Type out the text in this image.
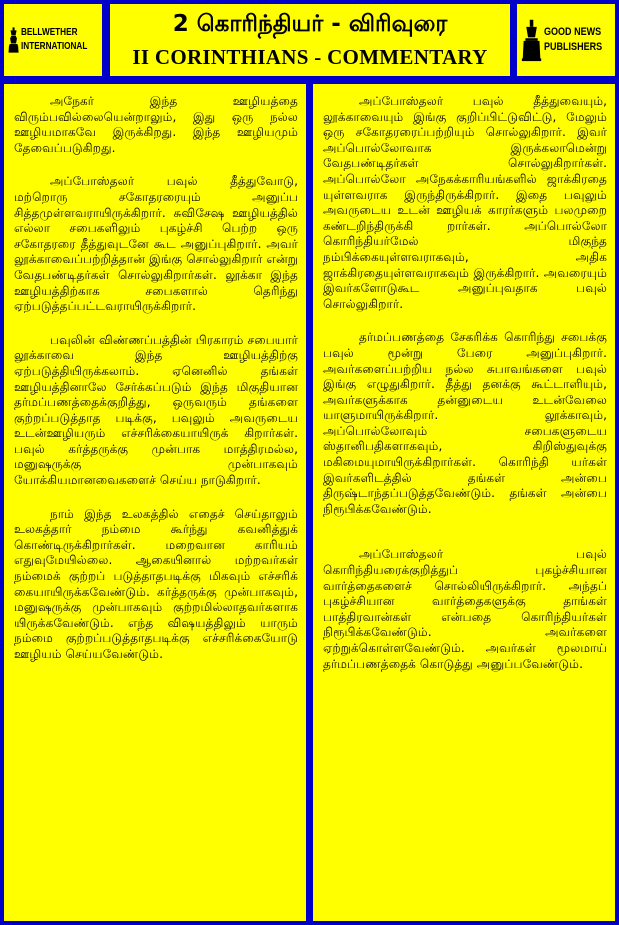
BELLWETHER
INTERNATIONAL
2 கொரிந்தியர் - விரிவுரை
II CORINTHIANS - COMMENTARY
GOOD NEWS
PUBLISHERS

அநேகர் இந்த ஊழியத்தை விரும்பவில்லையென்றாலும், இது ஒரு நல்ல ஊழியமாகவே இருக்கிறது. இந்த ஊழியமும் தேவைப்படுகிறது.

அப்போஸ்தலர் பவுல் தீத்துவோடு, மற்றொரு சகோதரரையும் அனுப்ப சித்தமுள்ளவராயிருக்கிறார். சுவிசேஷ ஊழியத்தில் எல்லா சபைகளிலும் புகழ்ச்சி பெற்ற ஒரு சகோதரரை தீத்துவுடனே கூட அனுப்புகிறார். அவர் லூக்காவைப்பற்றித்தான் இங்கு சொல்லுகிறார் என்று வேதபண்டிதர்கள் சொல்லுகிறார்கள். லூக்கா இந்த ஊழியத்திற்காக சபைகளால் தெரிந்து ஏற்படுத்தப்பட்டவராயிருக்கிறார்.

பவுலின் விண்ணப்பத்தின் பிரகாரம் சபையார் லூக்காவை இந்த ஊழியத்திற்கு ஏற்படுத்தியிருக்கலாம். ஏனெனில் தங்கள் ஊழியத்தினாலே சேர்க்கப்படும் இந்த மிகுதியான தர்மப்பணத்தைக்குறித்து, ஒருவரும் தங்களை குற்றப்படுத்தாத படிக்கு, பவுலும் அவருடைய உடன்ஊழியரும் எச்சரிக்கையாயிருக் கிறார்கள். பவுல் கர்த்தருக்கு முன்பாக மாத்திரமல்ல, மனுஷருக்கு முன்பாகவும் யோக்கியமானவைகளைச் செய்ய நாடுகிறார்.

நாம் இந்த உலகத்தில் எதைச் செய்தாலும் உலகத்தார் நம்மை கூர்ந்து கவனித்துக் கொண்டிருக்கிறார்கள். மறைவான காரியம் எதுவுமேயில்லை. ஆகையினால் மற்றவர்கள் நம்மைக் குற்றப் படுத்தாதபடிக்கு மிகவும் எச்சரிக் கையாயிருக்கவேண்டும். கர்த்தருக்கு முன்பாகவும், மனுஷருக்கு முன்பாகவும் குற்றமில்லாதவர்களாக யிருக்கவேண்டும். எந்த விஷயத்திலும் யாரும் நம்மை குற்றப்படுத்தாதபடிக்கு எச்சரிக்கையோடு ஊழியம் செய்யவேண்டும்.

அப்போஸ்தலர் பவுல் தீத்துவையும், லூக்காவையும் இங்கு குறிப்பிட்டுவிட்டு, மேலும் ஒரு சகோதரரைப்பற்றியும் சொல்லுகிறார். இவர் அப்பொல்லோவாக இருக்கலாமென்று வேதபண்டிதர்கள் சொல்லுகிறார்கள். அப்பொல்லோ அநேகக்காரியங்களில் ஜாக்கிரதை யுள்ளவராக இருந்திருக்கிறார். இதை பவுலும் அவருடைய உடன் ஊழியக் காரர்களும் பலமுறை கண்டறிந்திருக்கி றார்கள். அப்பொல்லோ கொரிந்தியர்மேல் மிகுந்த நம்பிக்கையுள்ளவராகவும், அதிக ஜாக்கிரதையுள்ளவராகவும் இருக்கிறார். அவரையும் இவர்களோடுகூட அனுப்புவதாக பவுல் சொல்லுகிறார்.

தர்மப்பணத்தை சேகரிக்க கொரிந்து சபைக்கு பவுல் மூன்று பேரை அனுப்புகிறார். அவர்களைப்பற்றிய நல்ல சுபாவங்களை பவுல் இங்கு எழுதுகிறார். தீத்து தனக்கு கூட்டாளியும், அவர்களுக்காக தன்னுடைய உடன்வேலை யாளுமாயிருக்கிறார். லூக்காவும், அப்பொல்லோவும் சபைகளுடைய ஸ்தானிபதிகளாகவும், கிறிஸ்துவுக்கு மகிமையுமாயிருக்கிறார்கள். கொரிந்தி யர்கள் இவர்களிடத்தில் தங்கள் அன்பை திருஷ்டாந்தப்படுத்தவேண்டும். தங்கள் அன்பை நிரூபிக்கவேண்டும்.

அப்போஸ்தலர் பவுல் கொரிந்தியரைக்குறித்துப் புகழ்ச்சியான வார்த்தைகளைச் சொல்லியிருக்கிறார். அந்தப் புகழ்ச்சியான வார்த்தைகளுக்கு தாங்கள் பாத்திரவான்கள் என்பதை கொரிந்தியர்கள் நிரூபிக்கவேண்டும். அவர்களை ஏற்றுக்கொள்ளவேண்டும். அவர்கள் மூலமாய் தர்மப்பணத்தைக் கொடுத்து அனுப்பவேண்டும்.
